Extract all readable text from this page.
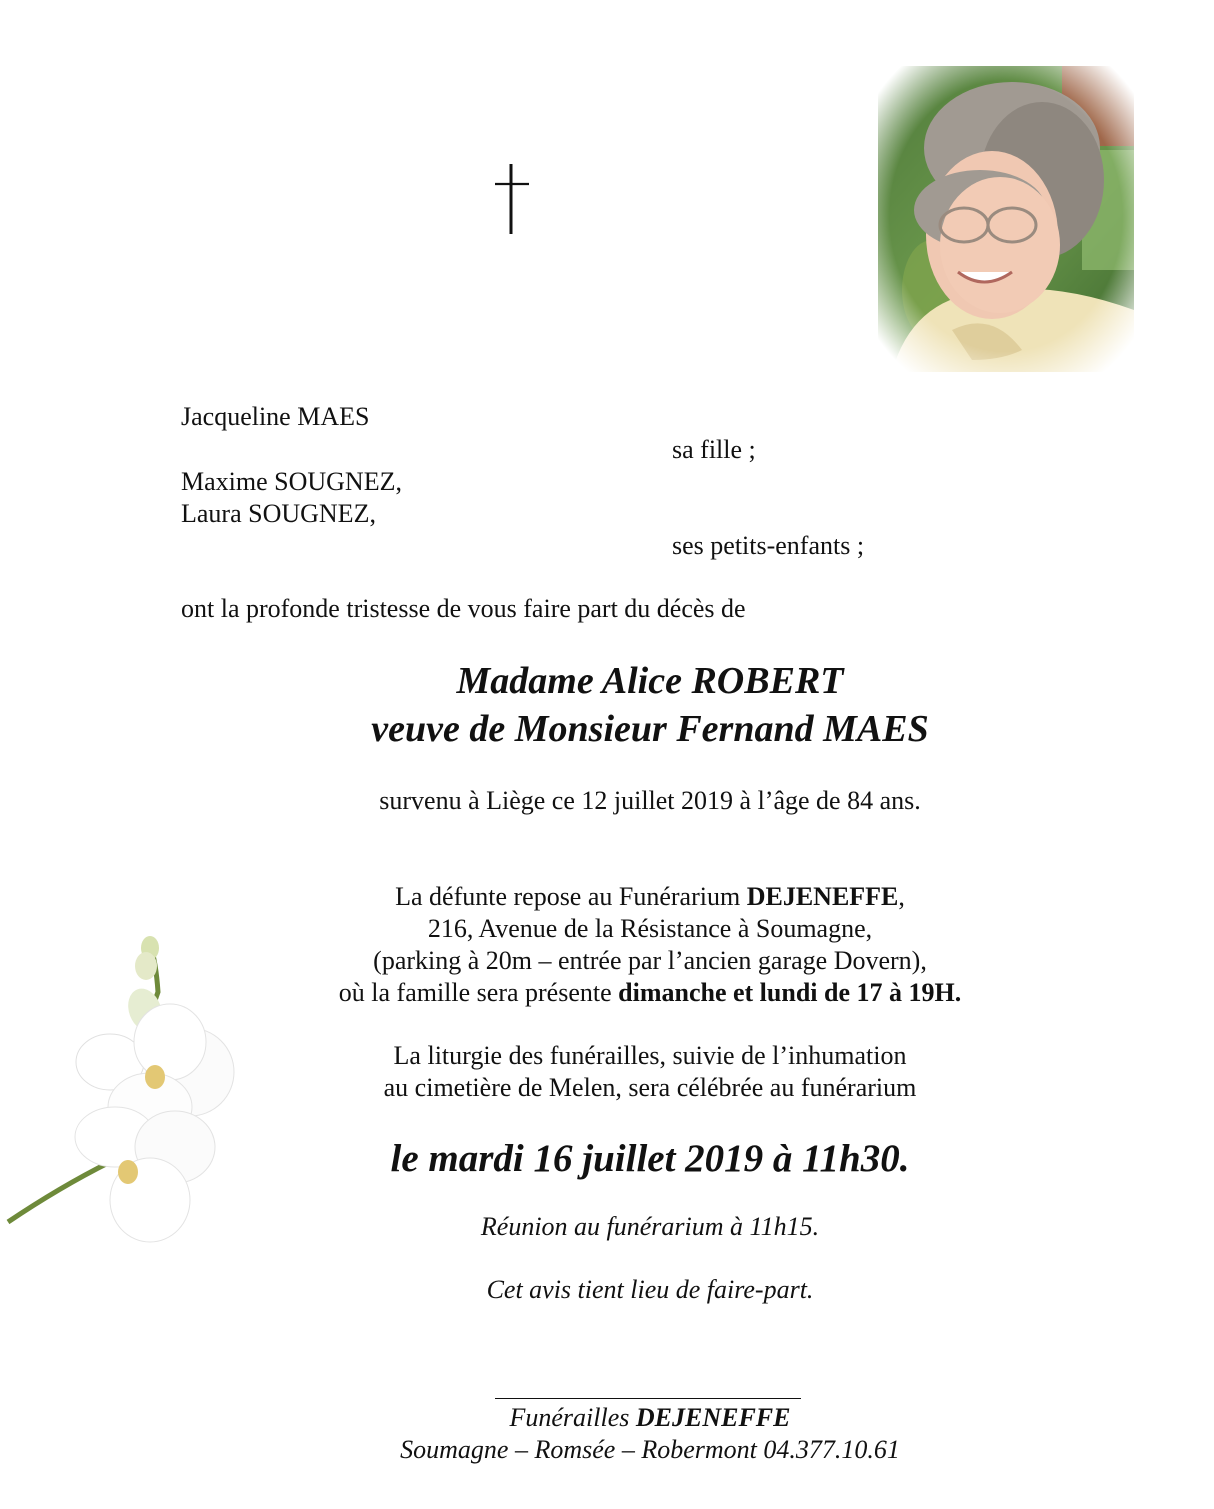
Jacqueline MAES
sa fille ;
Maxime SOUGNEZ,
Laura SOUGNEZ,
ses petits-enfants ;
ont la profonde tristesse de vous faire part du décès de
Madame Alice ROBERT
veuve de Monsieur Fernand MAES
survenu à Liège ce 12 juillet 2019 à l’âge de 84 ans.
La défunte repose au Funérarium DEJENEFFE,
216, Avenue de la Résistance à Soumagne,
(parking à 20m – entrée par l’ancien garage Dovern),
où la famille sera présente dimanche et lundi de 17 à 19H.
La liturgie des funérailles, suivie de l’inhumation
au cimetière de Melen, sera célébrée au funérarium
le mardi 16 juillet 2019 à 11h30.
Réunion au funérarium à 11h15.
Cet avis tient lieu de faire-part.
Funérailles DEJENEFFE
Soumagne – Romsée – Robermont 04.377.10.61
